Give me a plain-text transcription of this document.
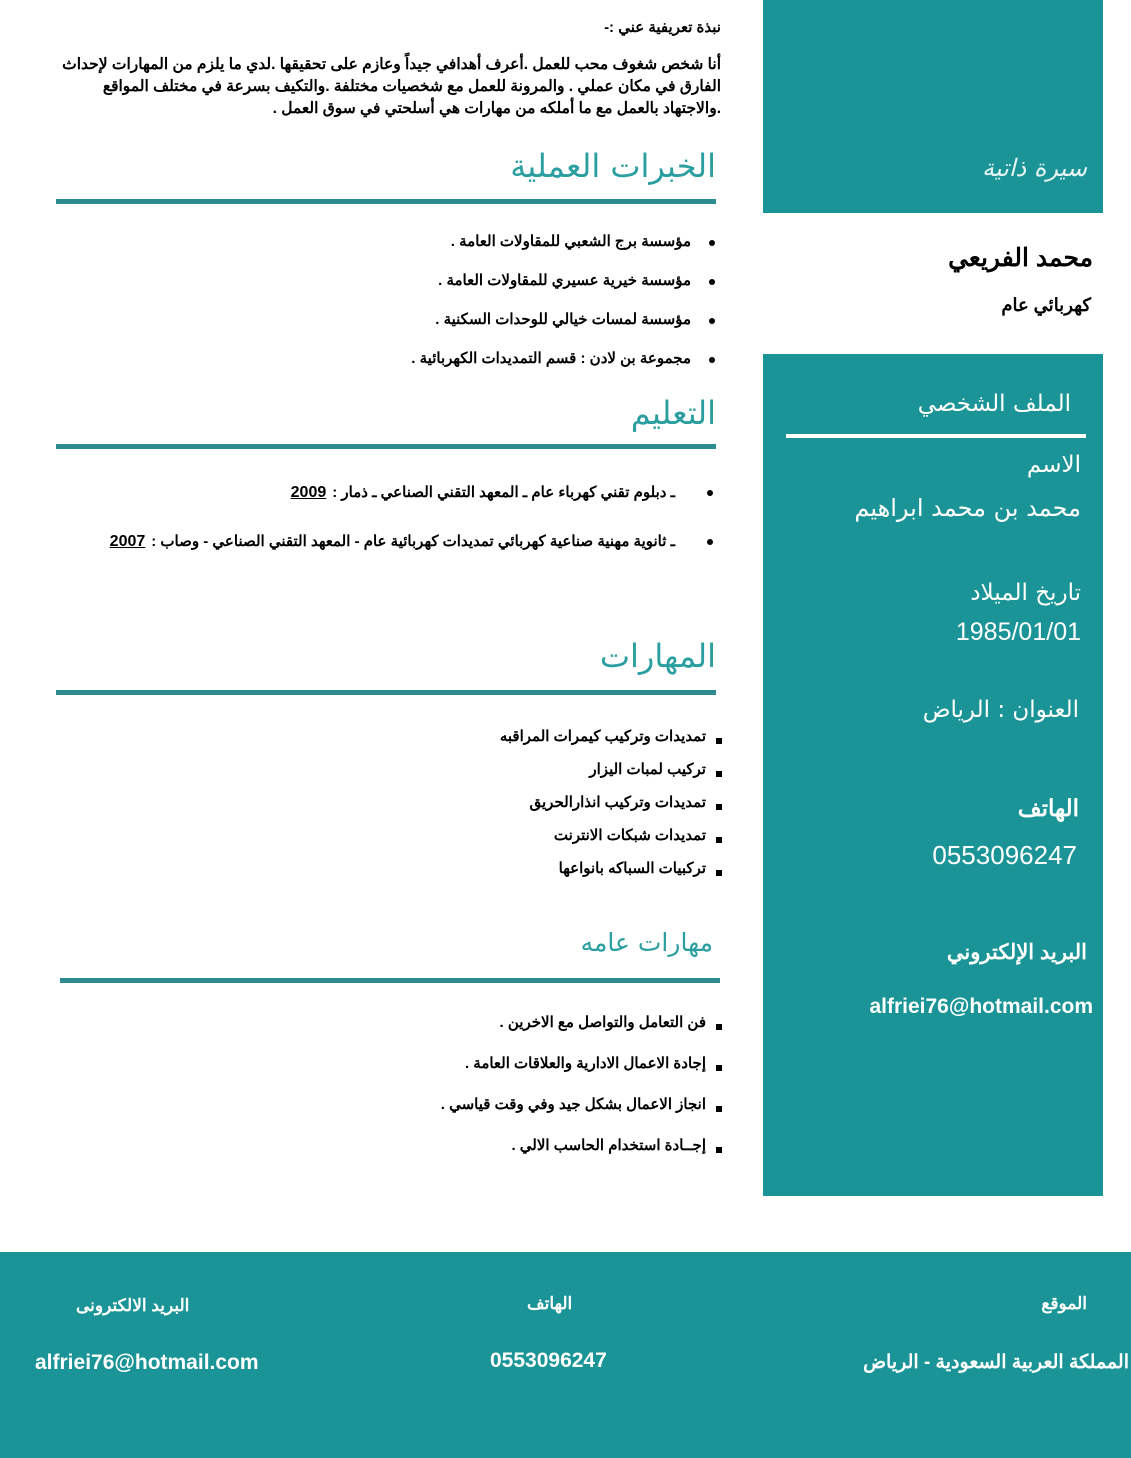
سيرة ذاتية
محمد الفريعي
كهربائي عام
الملف الشخصي
الاسم
محمد بن محمد ابراهيم
تاريخ الميلاد
1985/01/01
العنوان : الرياض
الهاتف
0553096247
البريد الإلكتروني
alfriei76@hotmail.com
نبذة تعريفية عني :-

أنا شخص شغوف محب للعمل .أعرف أهدافي جيداً وعازم على تحقيقها .لدي ما يلزم من المهارات لإحداث الفارق في مكان عملي . والمرونة للعمل مع شخصيات مختلفة .والتكيف بسرعة في مختلف المواقع .والاجتهاد بالعمل مع ما أملكه من مهارات هي أسلحتي في سوق العمل .

الخبرات العملية
مؤسسة برج الشعبي للمقاولات العامة .
مؤسسة خيرية عسيري للمقاولات العامة .
مؤسسة لمسات خيالي للوحدات السكنية .
مجموعة بن لادن : قسم التمديدات الكهربائية .
التعليم
ـ دبلوم تقني كهرباء عام ـ المعهد التقني الصناعي ـ ذمار :2009
ـ ثانوية مهنية صناعية كهربائي تمديدات كهربائية عام - المعهد التقني الصناعي - وصاب :2007
المهارات
تمديدات وتركيب كيمرات المراقبه
تركيب لمبات اليزار
تمديدات وتركيب انذارالحريق
تمديدات شبكات الانترنت
تركبيات السباكه بانواعها
مهارات عامه
فن التعامل والتواصل مع الاخرين .
إجادة الاعمال الادارية والعلاقات العامة .
انجاز الاعمال بشكل جيد وفي وقت قياسي .
إجــادة استخدام الحاسب الالي .
الموقع
المملكة العربية السعودية - الرياض
الهاتف
0553096247
البريد الالكترونى
alfriei76@hotmail.com
